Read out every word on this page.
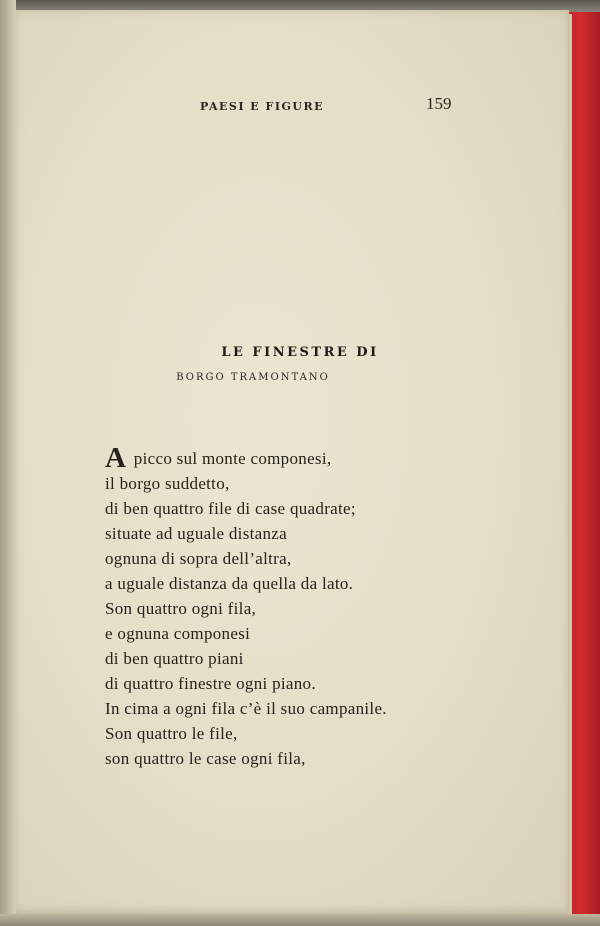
PAESI E FIGURE	159
LE FINESTRE DI
BORGO TRAMONTANO
A picco sul monte componesi,
il borgo suddetto,
di ben quattro file di case quadrate;
situate ad uguale distanza
ognuna di sopra dell’altra,
a uguale distanza da quella da lato.
Son quattro ogni fila,
e ognuna componesi
di ben quattro piani
di quattro finestre ogni piano.
In cima a ogni fila c’è il suo campanile.
Son quattro le file,
son quattro le case ogni fila,
